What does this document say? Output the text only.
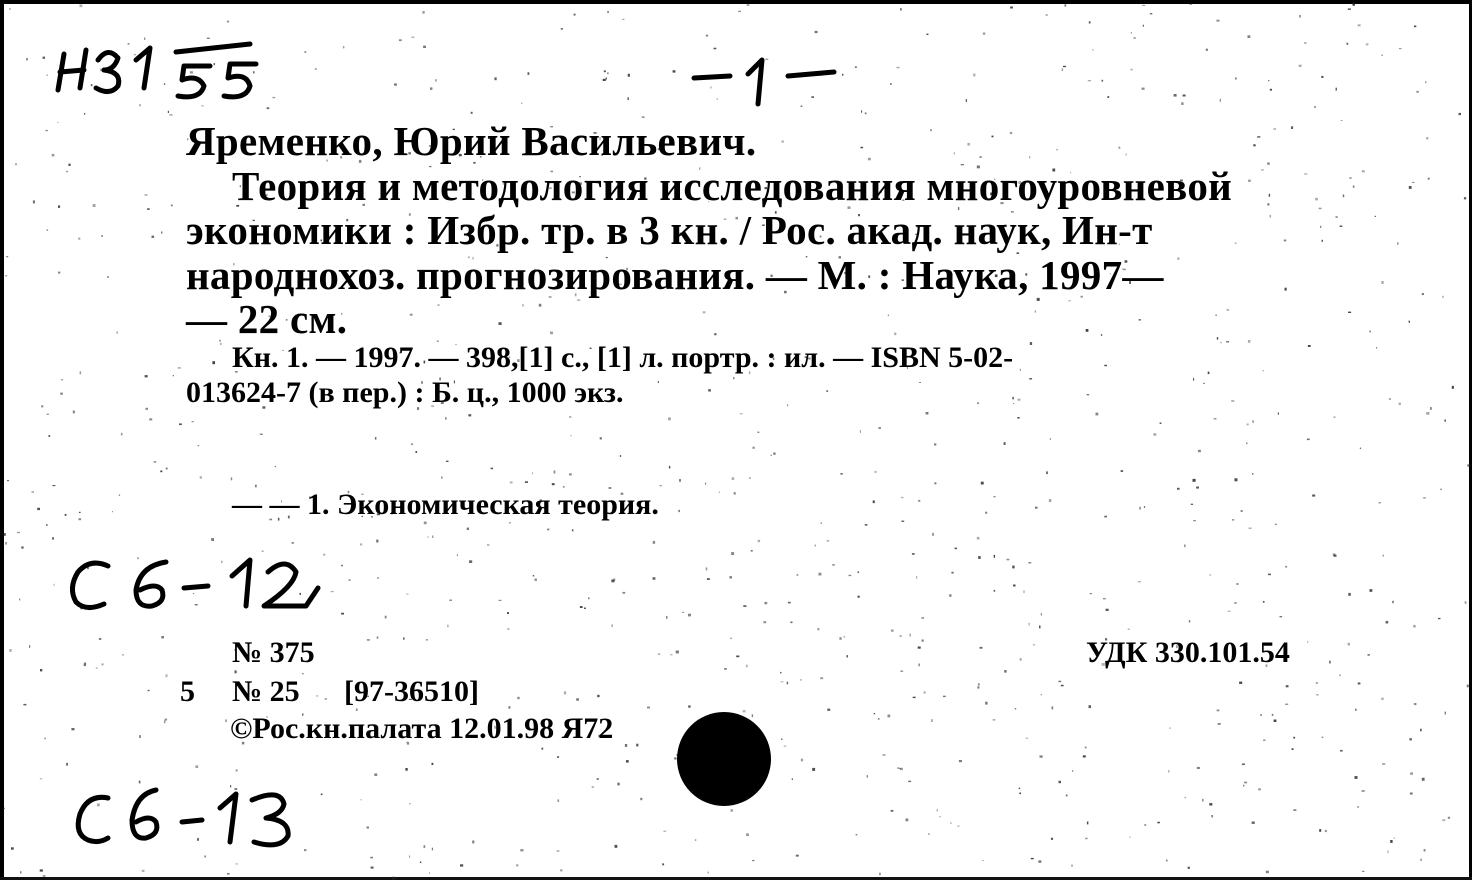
Яременко, Юрий Васильевич.

Теория и методология исследования многоуровневой

экономики : Избр. тр. в 3 кн. / Рос. акад. наук, Ин-т

народнохоз. прогнозирования. — М. : Наука, 1997—

— 22 см.

Кн. 1. — 1997. — 398,[1] с., [1] л. портр. : ил. — ISBN 5-02-

013624-7 (в пер.) : Б. ц., 1000 экз.

— — 1. Экономическая теория.

№ 375	УДК 330.101.54

5 № 25 [97-36510]

©Рос.кн.палата 12.01.98 Я72
